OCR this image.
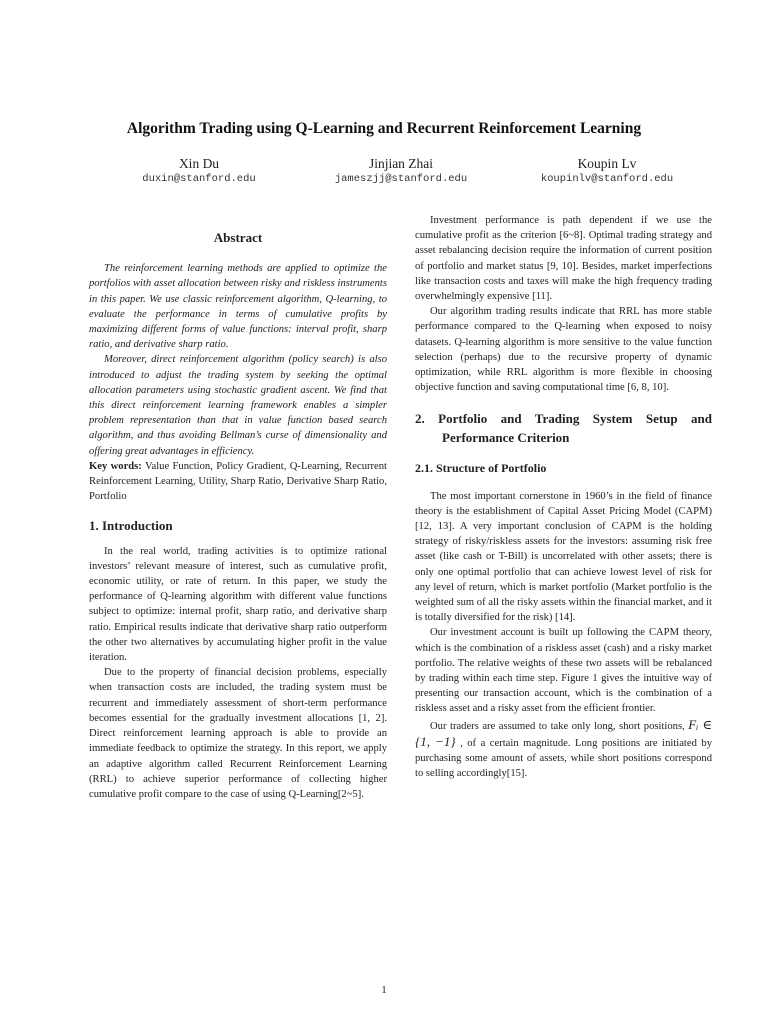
Algorithm Trading using Q-Learning and Recurrent Reinforcement Learning
Xin Du
duxin@stanford.edu
Jinjian Zhai
jameszjj@stanford.edu
Koupin Lv
koupinlv@stanford.edu
Abstract

The reinforcement learning methods are applied to optimize the portfolios with asset allocation between risky and riskless instruments in this paper. We use classic reinforcement algorithm, Q-learning, to evaluate the performance in terms of cumulative profits by maximizing different forms of value functions: interval profit, sharp ratio, and derivative sharp ratio.

Moreover, direct reinforcement algorithm (policy search) is also introduced to adjust the trading system by seeking the optimal allocation parameters using stochastic gradient ascent. We find that this direct reinforcement learning framework enables a simpler problem representation than that in value function based search algorithm, and thus avoiding Bellman’s curse of dimensionality and offering great advantages in efficiency.

Key words: Value Function, Policy Gradient, Q-Learning, Recurrent Reinforcement Learning, Utility, Sharp Ratio, Derivative Sharp Ratio, Portfolio

1. Introduction

In the real world, trading activities is to optimize rational investors’ relevant measure of interest, such as cumulative profit, economic utility, or rate of return. In this paper, we study the performance of Q-learning algorithm with different value functions subject to optimize: internal profit, sharp ratio, and derivative sharp ratio. Empirical results indicate that derivative sharp ratio outperform the other two alternatives by accumulating higher profit in the value iteration.

Due to the property of financial decision problems, especially when transaction costs are included, the trading system must be recurrent and immediately assessment of short-term performance becomes essential for the gradually investment allocations [1, 2]. Direct reinforcement learning approach is able to provide an immediate feedback to optimize the strategy. In this report, we apply an adaptive algorithm called Recurrent Reinforcement Learning (RRL) to achieve superior performance of collecting higher cumulative profit compare to the case of using Q-Learning[2~5].

Investment performance is path dependent if we use the cumulative profit as the criterion [6~8]. Optimal trading strategy and asset rebalancing decision require the information of current position of portfolio and market status [9, 10]. Besides, market imperfections like transaction costs and taxes will make the high frequency trading overwhelmingly expensive [11].

Our algorithm trading results indicate that RRL has more stable performance compared to the Q-learning when exposed to noisy datasets. Q-learning algorithm is more sensitive to the value function selection (perhaps) due to the recursive property of dynamic optimization, while RRL algorithm is more flexible in choosing objective function and saving computational time [6, 8, 10].

2. Portfolio and Trading System Setup and Performance Criterion
2.1. Structure of Portfolio

The most important cornerstone in 1960’s in the field of finance theory is the establishment of Capital Asset Pricing Model (CAPM) [12, 13]. A very important conclusion of CAPM is the holding strategy of risky/riskless assets for the investors: assuming risk free asset (like cash or T-Bill) is uncorrelated with other assets; there is only one optimal portfolio that can achieve lowest level of risk for any level of return, which is market portfolio (Market portfolio is the weighted sum of all the risky assets within the financial market, and it is totally diversified for the risk) [14].

Our investment account is built up following the CAPM theory, which is the combination of a riskless asset (cash) and a risky market portfolio. The relative weights of these two assets will be rebalanced by trading within each time step. Figure 1 gives the intuitive way of presenting our transaction account, which is the combination of a riskless asset and a risky asset from the efficient frontier.

Our traders are assumed to take only long, short positions, Fᵢ ∈ {1, −1} , of a certain magnitude. Long positions are initiated by purchasing some amount of assets, while short positions correspond to selling accordingly[15].

1
